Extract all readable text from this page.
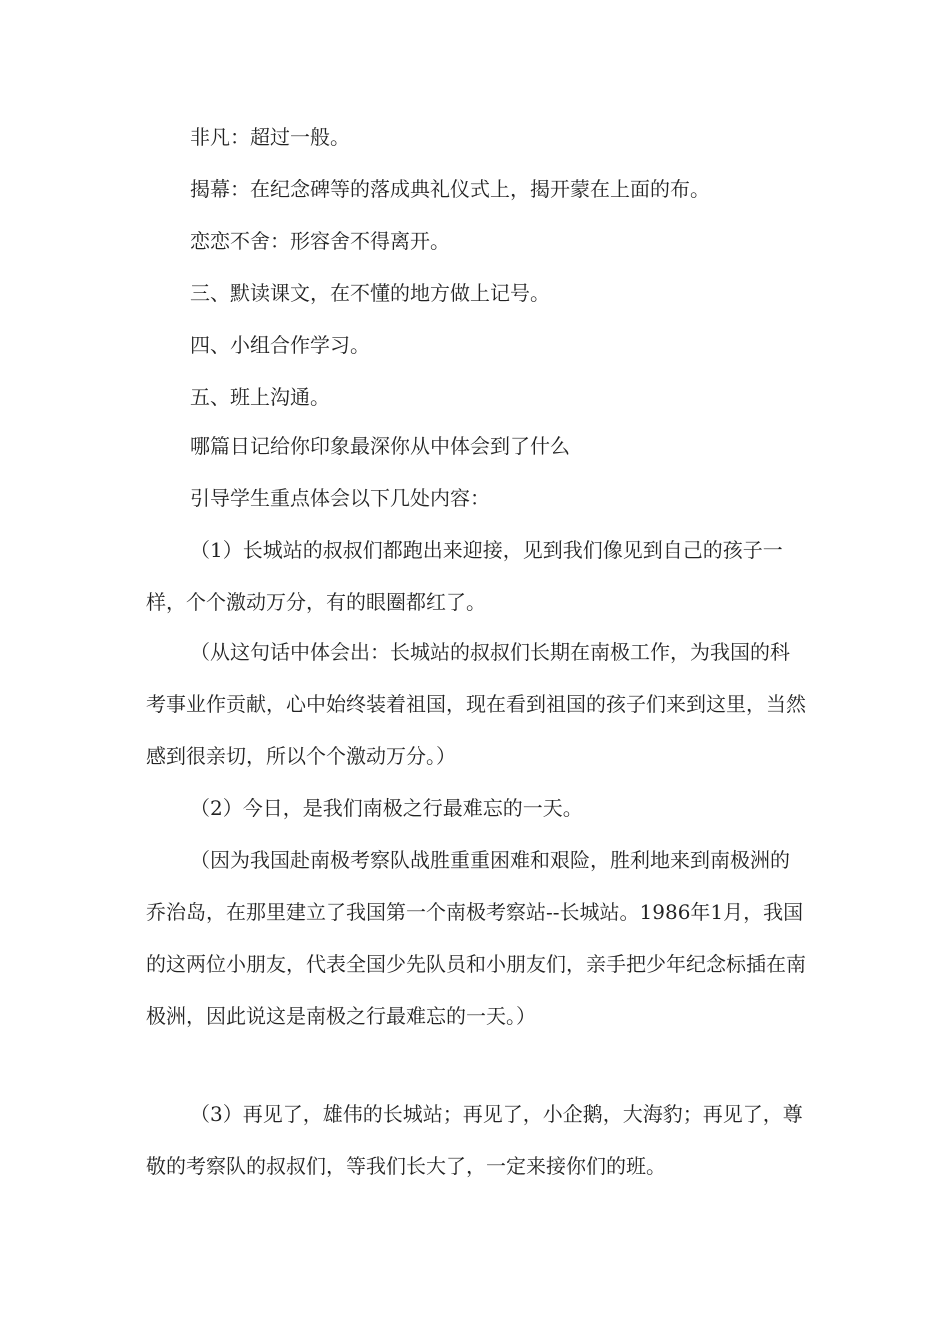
非凡：超过一般。

揭幕：在纪念碑等的落成典礼仪式上，揭开蒙在上面的布。

恋恋不舍：形容舍不得离开。

三、默读课文，在不懂的地方做上记号。

四、小组合作学习。

五、班上沟通。

哪篇日记给你印象最深你从中体会到了什么

引导学生重点体会以下几处内容：

（1）长城站的叔叔们都跑出来迎接，见到我们像见到自己的孩子一样，个个激动万分，有的眼圈都红了。

（从这句话中体会出：长城站的叔叔们长期在南极工作，为我国的科考事业作贡献，心中始终装着祖国，现在看到祖国的孩子们来到这里，当然感到很亲切，所以个个激动万分。）

（2）今日，是我们南极之行最难忘的一天。

（因为我国赴南极考察队战胜重重困难和艰险，胜利地来到南极洲的乔治岛，在那里建立了我国第一个南极考察站--长城站。1986年1月，我国的这两位小朋友，代表全国少先队员和小朋友们，亲手把少年纪念标插在南极洲，因此说这是南极之行最难忘的一天。）

（3）再见了，雄伟的长城站；再见了，小企鹅，大海豹；再见了，尊敬的考察队的叔叔们，等我们长大了，一定来接你们的班。
